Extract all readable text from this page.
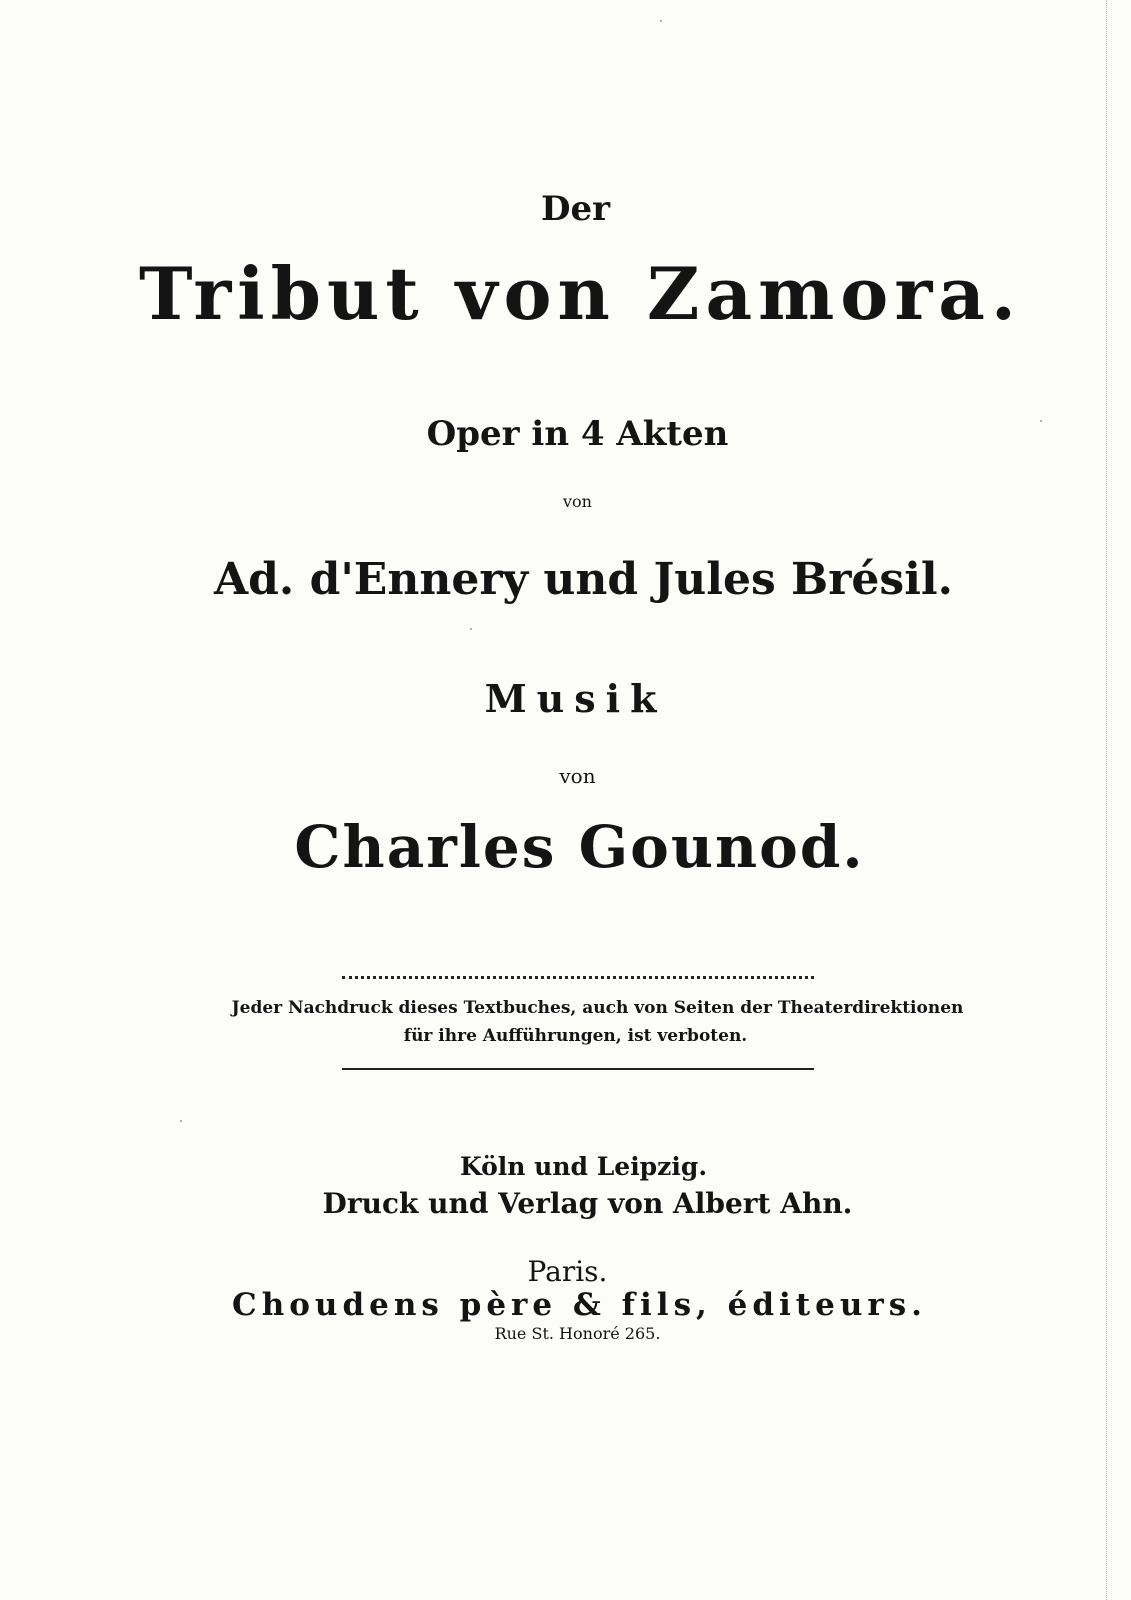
Der
Tribut von Zamora.
Oper in 4 Akten
von
Ad. d'Ennery und Jules Brésil.
Musik
von
Charles Gounod.
Jeder Nachdruck dieses Textbuches, auch von Seiten der Theaterdirektionen
für ihre Aufführungen, ist verboten.
Köln und Leipzig.
Druck und Verlag von Albert Ahn.
Paris.
Choudens père & fils, éditeurs.
Rue St. Honoré 265.
